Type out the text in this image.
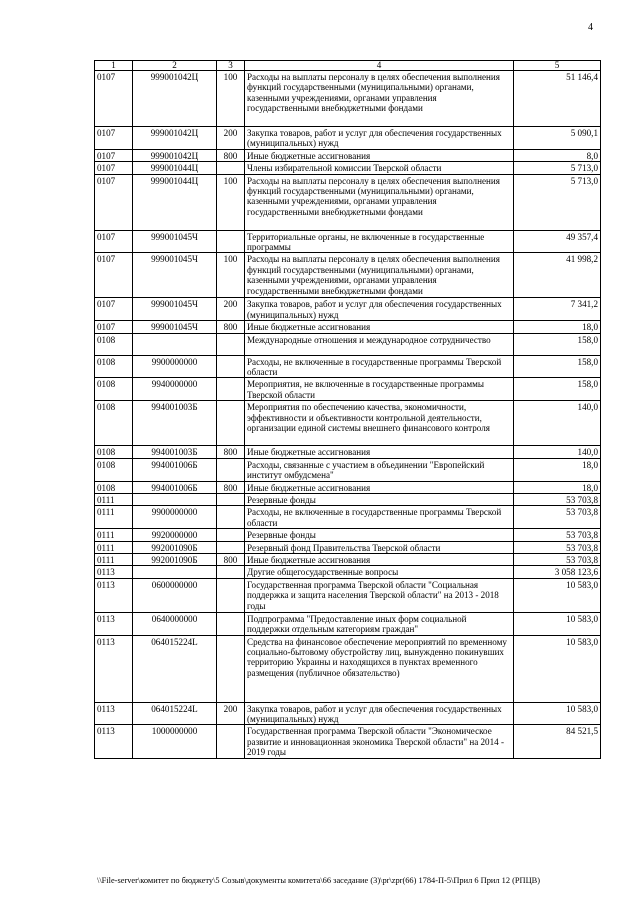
4
1	2	3	4	5
0107	999001042Ц	100	Расходы на выплаты персоналу в целях обеспечения выполнения функций государственными (муниципальными) органами, казенными учреждениями, органами управления государственными внебюджетными фондами	51 146,4
0107	999001042Ц	200	Закупка товаров, работ и услуг для обеспечения государственных (муниципальных) нужд	5 090,1
0107	999001042Ц	800	Иные бюджетные ассигнования	8,0
0107	999001044Ц		Члены избирательной комиссии Тверской области	5 713,0
0107	999001044Ц	100	Расходы на выплаты персоналу в целях обеспечения выполнения функций государственными (муниципальными) органами, казенными учреждениями, органами управления государственными внебюджетными фондами	5 713,0
0107	999001045Ч		Территориальные органы, не включенные в государственные программы	49 357,4
0107	999001045Ч	100	Расходы на выплаты персоналу в целях обеспечения выполнения функций государственными (муниципальными) органами, казенными учреждениями, органами управления государственными внебюджетными фондами	41 998,2
0107	999001045Ч	200	Закупка товаров, работ и услуг для обеспечения государственных (муниципальных) нужд	7 341,2
0107	999001045Ч	800	Иные бюджетные ассигнования	18,0
0108			Международные отношения и международное сотрудничество	158,0
0108	9900000000		Расходы, не включенные в государственные программы Тверской области	158,0
0108	9940000000		Мероприятия, не включенные в государственные программы Тверской области	158,0
0108	994001003Б		Мероприятия по обеспечению качества, экономичности, эффективности и объективности контрольной деятельности, организации единой системы внешнего финансового контроля	140,0
0108	994001003Б	800	Иные бюджетные ассигнования	140,0
0108	994001006Б		Расходы, связанные с участием в объединении "Европейский институт омбудсмена"	18,0
0108	994001006Б	800	Иные бюджетные ассигнования	18,0
0111			Резервные фонды	53 703,8
0111	9900000000		Расходы, не включенные в государственные программы Тверской области	53 703,8
0111	9920000000		Резервные фонды	53 703,8
0111	992001090Б		Резервный фонд Правительства Тверской области	53 703,8
0111	992001090Б	800	Иные бюджетные ассигнования	53 703,8
0113			Другие общегосударственные вопросы	3 058 123,6
0113	0600000000		Государственная программа Тверской области "Социальная поддержка и защита населения Тверской области" на 2013 - 2018 годы	10 583,0
0113	0640000000		Подпрограмма "Предоставление иных форм социальной поддержки отдельным категориям граждан"	10 583,0
0113	064015224L		Средства на финансовое обеспечение мероприятий по временному социально-бытовому обустройству лиц, вынужденно покинувших территорию Украины и находящихся в пунктах временного размещения (публичное обязательство)	10 583,0
0113	064015224L	200	Закупка товаров, работ и услуг для обеспечения государственных (муниципальных) нужд	10 583,0
0113	1000000000		Государственная программа Тверской области "Экономическое развитие и инновационная экономика Тверской области" на 2014 - 2019 годы	84 521,5
\\File-server\комитет по бюджету\5 Созыв\документы комитета\66 заседание (3)\pr\zpr(66) 1784-П-5\Прил 6 Прил 12 (РПЦВ)
